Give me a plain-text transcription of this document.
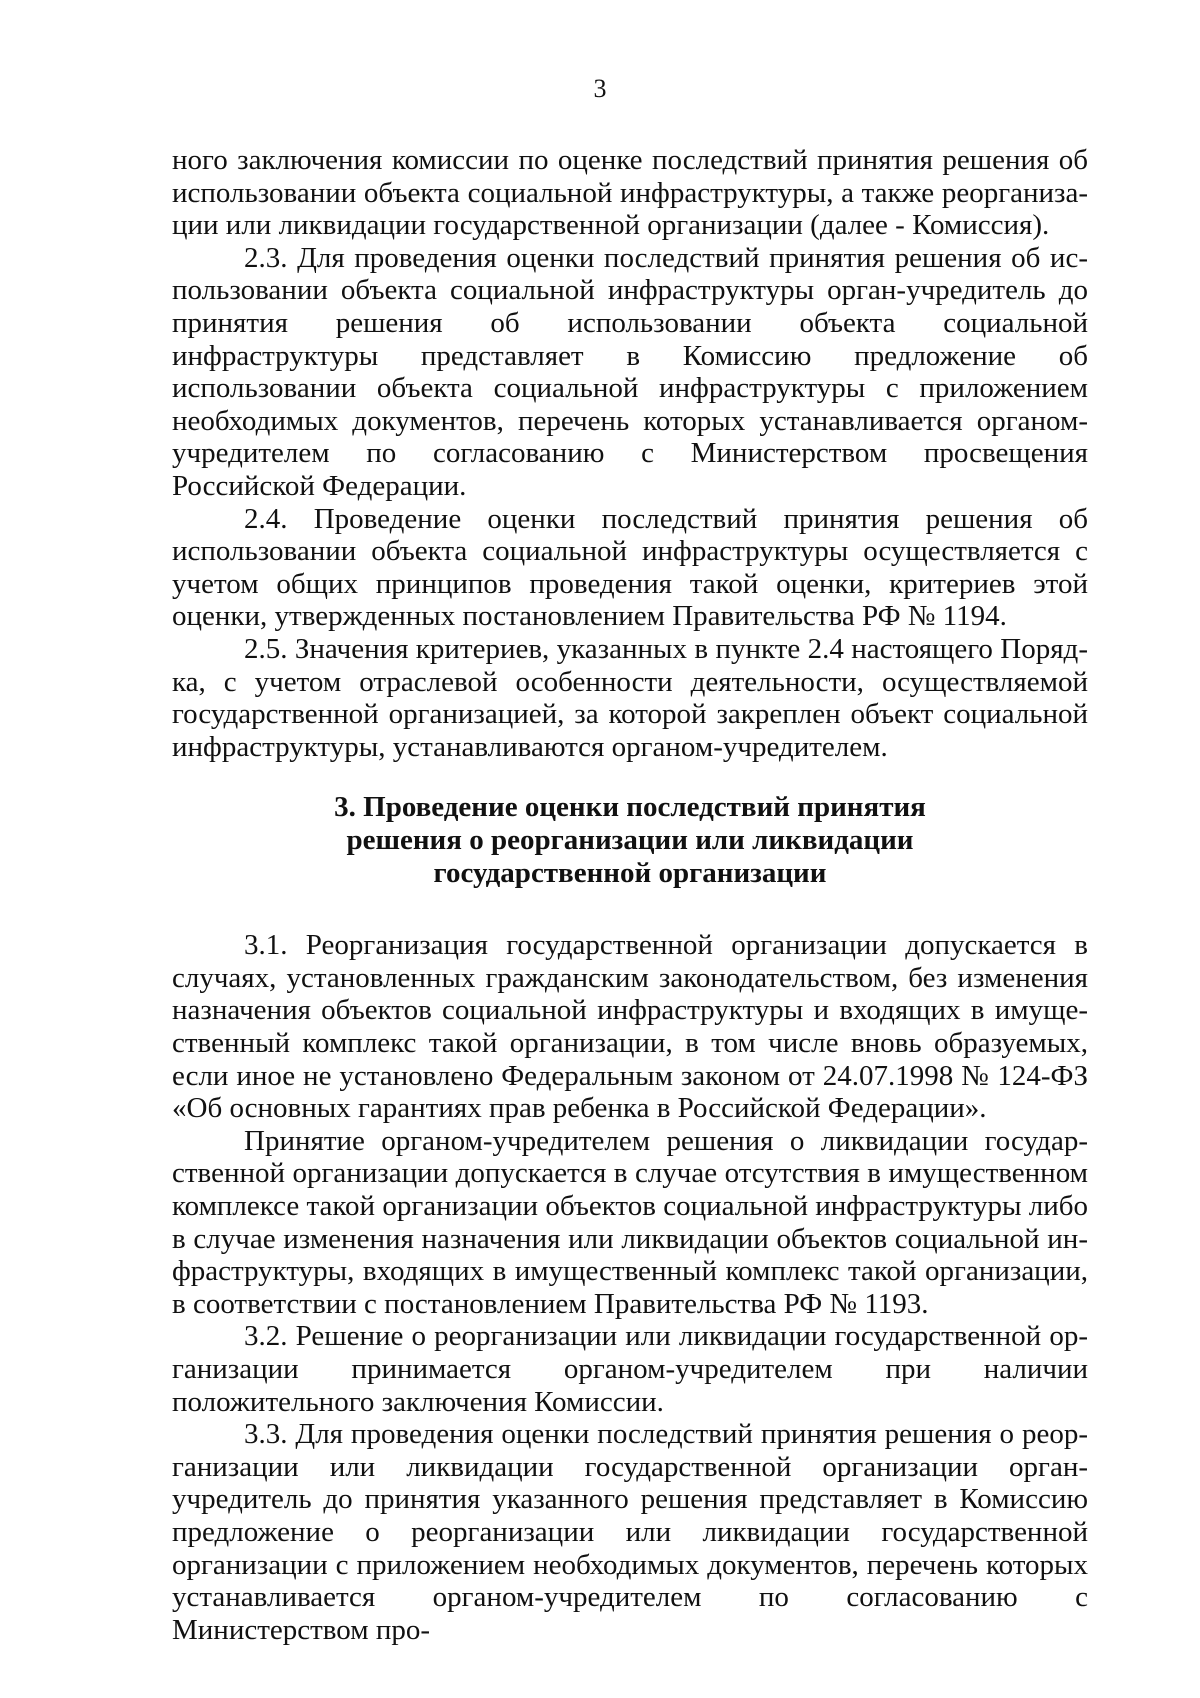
3

ного заключения комиссии по оценке последствий принятия решения об использовании объекта социальной инфраструктуры, а также реорганизации или ликвидации государственной организации (далее - Комиссия).

2.3. Для проведения оценки последствий принятия решения об использовании объекта социальной инфраструктуры орган-учредитель до принятия решения об использовании объекта социальной инфраструктуры представляет в Комиссию предложение об использовании объекта социальной инфраструктуры с приложением необходимых документов, перечень которых устанавливается органом-учредителем по согласованию с Министерством просвещения Российской Федерации.

2.4. Проведение оценки последствий принятия решения об использовании объекта социальной инфраструктуры осуществляется с учетом общих принципов проведения такой оценки, критериев этой оценки, утвержденных постановлением Правительства РФ № 1194.

2.5. Значения критериев, указанных в пункте 2.4 настоящего Порядка, с учетом отраслевой особенности деятельности, осуществляемой государственной организацией, за которой закреплен объект социальной инфраструктуры, устанавливаются органом-учредителем.

3. Проведение оценки последствий принятия
решения о реорганизации или ликвидации
государственной организации

3.1. Реорганизация государственной организации допускается в случаях, установленных гражданским законодательством, без изменения назначения объектов социальной инфраструктуры и входящих в имущественный комплекс такой организации, в том числе вновь образуемых, если иное не установлено Федеральным законом от 24.07.1998 № 124-ФЗ «Об основных гарантиях прав ребенка в Российской Федерации».

Принятие органом-учредителем решения о ликвидации государственной организации допускается в случае отсутствия в имущественном комплексе такой организации объектов социальной инфраструктуры либо в случае изменения назначения или ликвидации объектов социальной инфраструктуры, входящих в имущественный комплекс такой организации, в соответствии с постановлением Правительства РФ № 1193.

3.2. Решение о реорганизации или ликвидации государственной организации принимается органом-учредителем при наличии положительного заключения Комиссии.

3.3. Для проведения оценки последствий принятия решения о реорганизации или ликвидации государственной организации орган-учредитель до принятия указанного решения представляет в Комиссию предложение о реорганизации или ликвидации государственной организации с приложением необходимых документов, перечень которых устанавливается органом-учредителем по согласованию с Министерством про-
